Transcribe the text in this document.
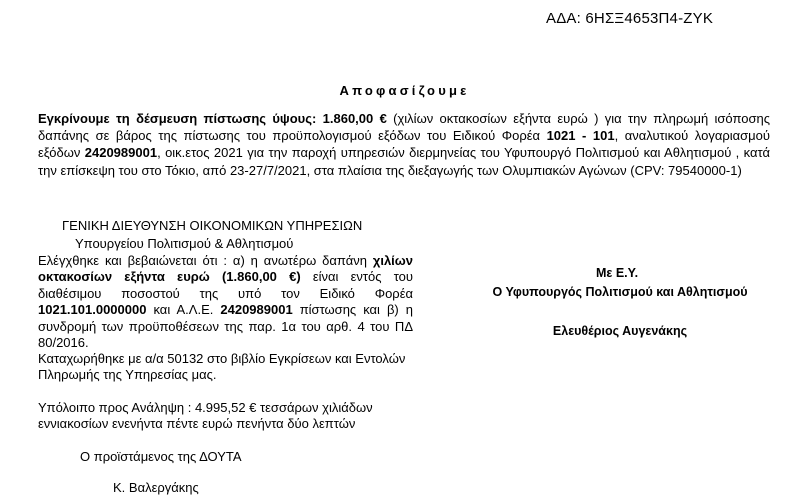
ΑΔΑ: 6ΗΣΞ4653Π4-ΖΥΚ
Αποφασίζουμε
Εγκρίνουμε τη δέσμευση πίστωσης ύψους: 1.860,00 € (χιλίων οκτακοσίων εξήντα ευρώ ) για την πληρωμή ισόποσης δαπάνης σε βάρος της πίστωσης του προϋπολογισμού εξόδων του Ειδικού Φορέα 1021 - 101, αναλυτικού λογαριασμού εξόδων 2420989001, οικ.ετος 2021 για την παροχή υπηρεσιών διερμηνείας του Υφυπουργό Πολιτισμού και Αθλητισμού , κατά την επίσκεψη του στο Τόκιο, από 23-27/7/2021, στα πλαίσια της διεξαγωγής των Ολυμπιακών Αγώνων (CPV: 79540000-1)
ΓΕΝΙΚΗ ΔΙΕΥΘΥΝΣΗ ΟΙΚΟΝΟΜΙΚΩΝ ΥΠΗΡΕΣΙΩΝ
Υπουργείου Πολιτισμού & Αθλητισμού
Ελέγχθηκε και βεβαιώνεται ότι : α) η ανωτέρω δαπάνη χιλίων οκτακοσίων εξήντα ευρώ (1.860,00 €) είναι εντός του διαθέσιμου ποσοστού της υπό τον Ειδικό Φορέα 1021.101.0000000 και Α.Λ.Ε. 2420989001 πίστωσης και β) η συνδρομή των προϋποθέσεων της παρ. 1α του αρθ. 4 του ΠΔ 80/2016.
Καταχωρήθηκε με α/α 50132 στο βιβλίο Εγκρίσεων και Εντολών Πληρωμής της Υπηρεσίας μας.
Υπόλοιπο προς Ανάληψη : 4.995,52 € τεσσάρων χιλιάδων εννιακοσίων ενενήντα πέντε ευρώ πενήντα δύο λεπτών
Ο προϊστάμενος της ΔΟΥΤΑ
Κ. Βαλεργάκης
Με Ε.Υ.
Ο Υφυπουργός Πολιτισμού και Αθλητισμού
Ελευθέριος Αυγενάκης
